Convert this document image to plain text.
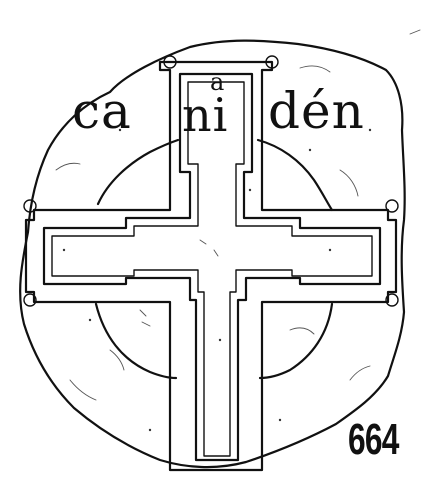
ca	a
ni dén
664
